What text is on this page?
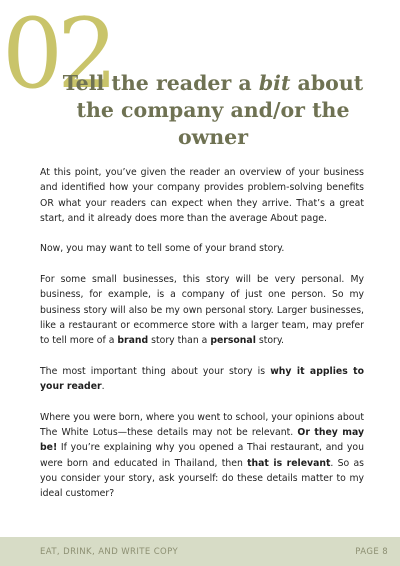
02
Tell the reader a bit about the company and/or the owner

At this point, you’ve given the reader an overview of your business and identified how your company provides problem-solving benefits OR what your readers can expect when they arrive. That’s a great start, and it already does more than the average About page.

Now, you may want to tell some of your brand story.

For some small businesses, this story will be very personal. My business, for example, is a company of just one person. So my business story will also be my own personal story. Larger businesses, like a restaurant or ecommerce store with a larger team, may prefer to tell more of a brand story than a personal story.

The most important thing about your story is why it applies to your reader.

Where you were born, where you went to school, your opinions about The White Lotus—these details may not be relevant. Or they may be! If you’re explaining why you opened a Thai restaurant, and you were born and educated in Thailand, then that is relevant. So as you consider your story, ask yourself: do these details matter to my ideal customer?

EAT, DRINK, AND WRITE COPY	PAGE 8
